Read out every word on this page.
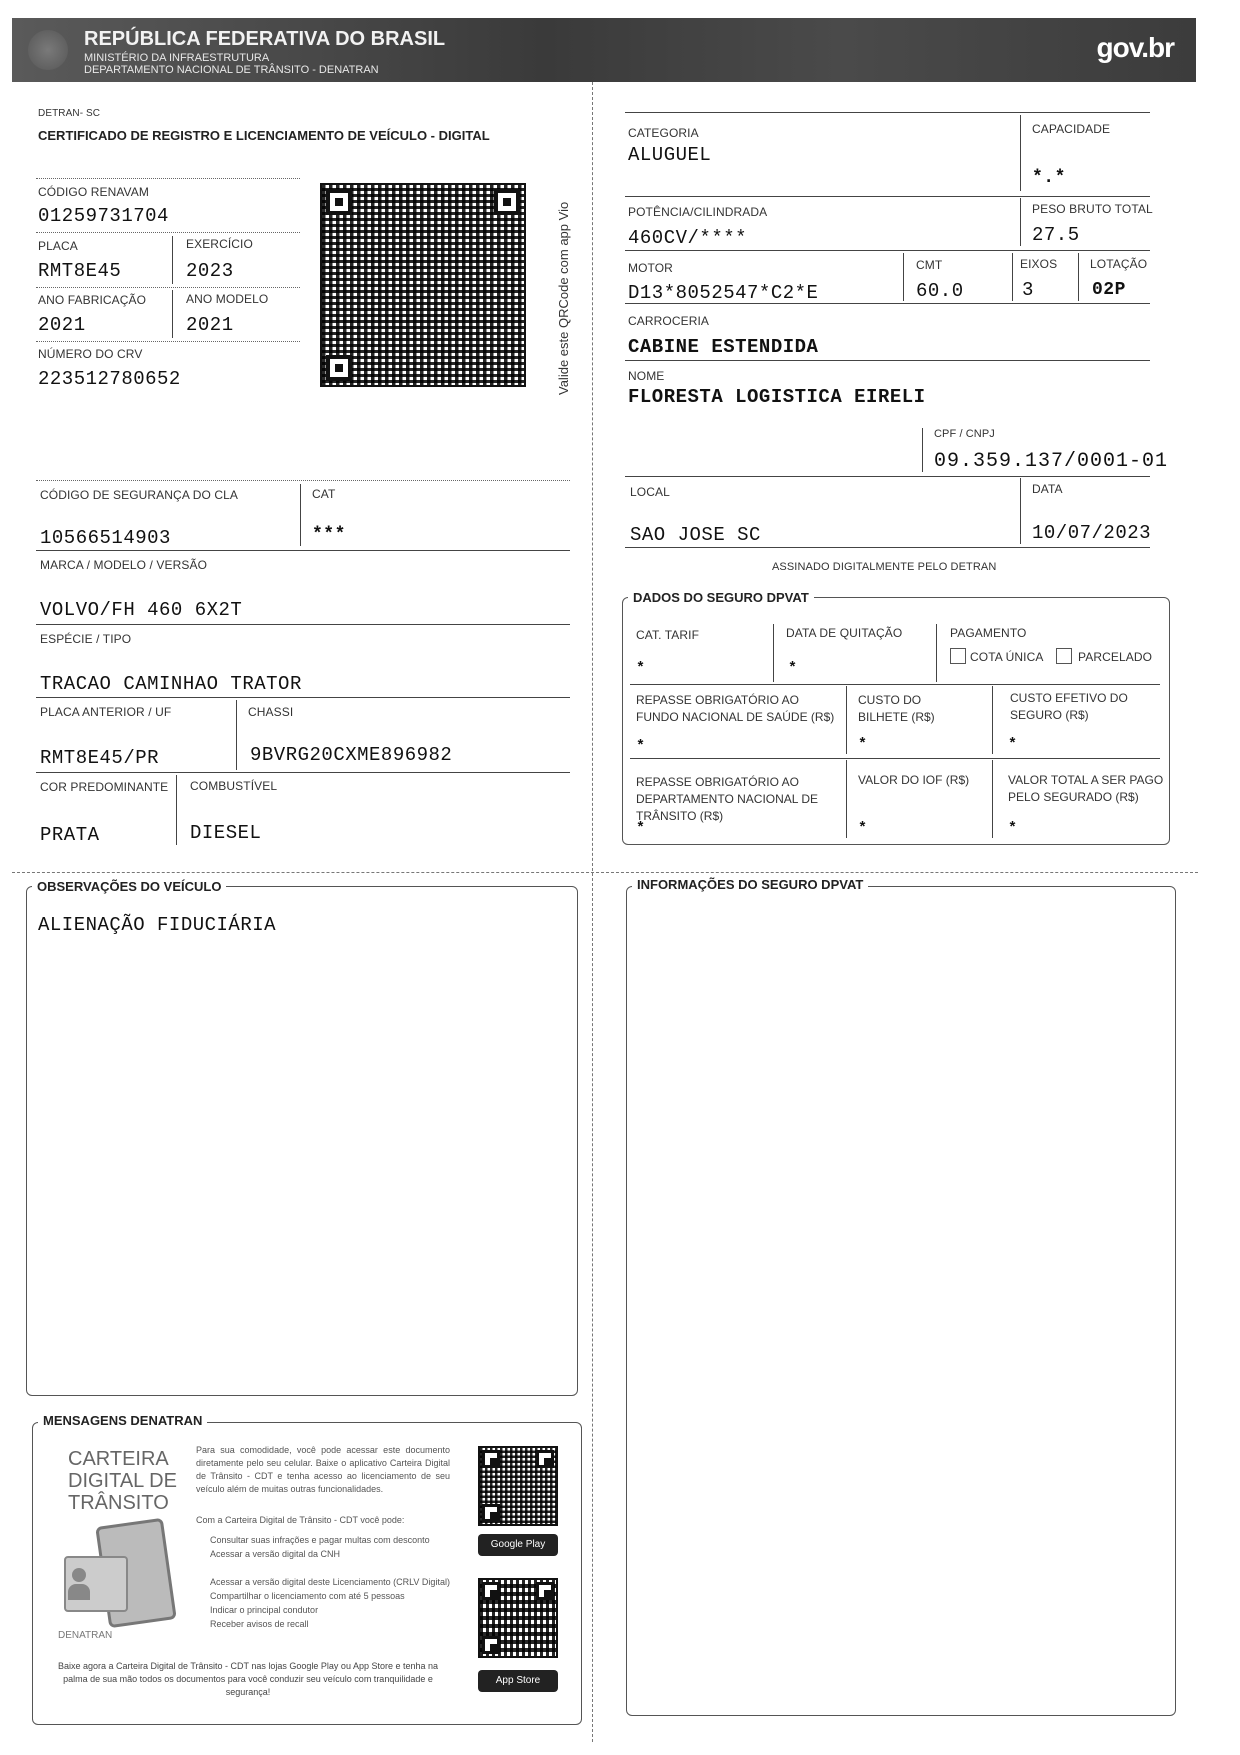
REPÚBLICA FEDERATIVA DO BRASIL
MINISTÉRIO DA INFRAESTRUTURA
DEPARTAMENTO NACIONAL DE TRÂNSITO - DENATRAN
gov.br
DETRAN- SC
CERTIFICADO DE REGISTRO E LICENCIAMENTO DE VEÍCULO - DIGITAL
CÓDIGO RENAVAM
01259731704
PLACA
RMT8E45
EXERCÍCIO
2023
ANO FABRICAÇÃO
2021
ANO MODELO
2021
NÚMERO DO CRV
223512780652	Valide este QRCode com app Vio
CÓDIGO DE SEGURANÇA DO CLA
10566514903
CAT
***
MARCA / MODELO / VERSÃO
VOLVO/FH 460 6X2T
ESPÉCIE / TIPO
TRACAO CAMINHAO TRATOR
PLACA ANTERIOR / UF
RMT8E45/PR
CHASSI
9BVRG20CXME896982
COR PREDOMINANTE
PRATA
COMBUSTÍVEL
DIESEL
CATEGORIA
ALUGUEL
CAPACIDADE
*.*
POTÊNCIA/CILINDRADA
460CV/****
PESO BRUTO TOTAL
27.5
MOTOR
D13*8052547*C2*E
CMT
60.0
EIXOS
3
LOTAÇÃO
02P
CARROCERIA
CABINE ESTENDIDA
NOME
FLORESTA LOGISTICA EIRELI
CPF / CNPJ
09.359.137/0001-01
LOCAL
SAO JOSE SC
DATA
10/07/2023
ASSINADO DIGITALMENTE PELO DETRAN
DADOS DO SEGURO DPVAT
CAT. TARIF
*
DATA DE QUITAÇÃO
*
PAGAMENTO
COTA ÚNICA	PARCELADO
REPASSE OBRIGATÓRIO AO FUNDO NACIONAL DE SAÚDE (R$)
*
CUSTO DO BILHETE (R$)
*
CUSTO EFETIVO DO SEGURO (R$)
*
REPASSE OBRIGATÓRIO AO DEPARTAMENTO NACIONAL DE TRÂNSITO (R$)
*
VALOR DO IOF (R$)
*
VALOR TOTAL A SER PAGO PELO SEGURADO (R$)
*
OBSERVAÇÕES DO VEÍCULO
ALIENAÇÃO FIDUCIÁRIA
INFORMAÇÕES DO SEGURO DPVAT
MENSAGENS DENATRAN
CARTEIRA
DIGITAL DE
TRÂNSITO
DENATRAN
Para sua comodidade, você pode acessar este documento diretamente pelo seu celular. Baixe o aplicativo Carteira Digital de Trânsito - CDT e tenha acesso ao licenciamento de seu veículo além de muitas outras funcionalidades.
Com a Carteira Digital de Trânsito - CDT você pode:
Consultar suas infrações e pagar multas com desconto
Acessar a versão digital da CNH
Acessar a versão digital deste Licenciamento (CRLV Digital)
Compartilhar o licenciamento com até 5 pessoas
Indicar o principal condutor
Receber avisos de recall
Baixe agora a Carteira Digital de Trânsito - CDT nas lojas Google Play ou App Store e tenha na palma de sua mão todos os documentos para você conduzir seu veículo com tranquilidade e segurança!
Google Play
App Store
